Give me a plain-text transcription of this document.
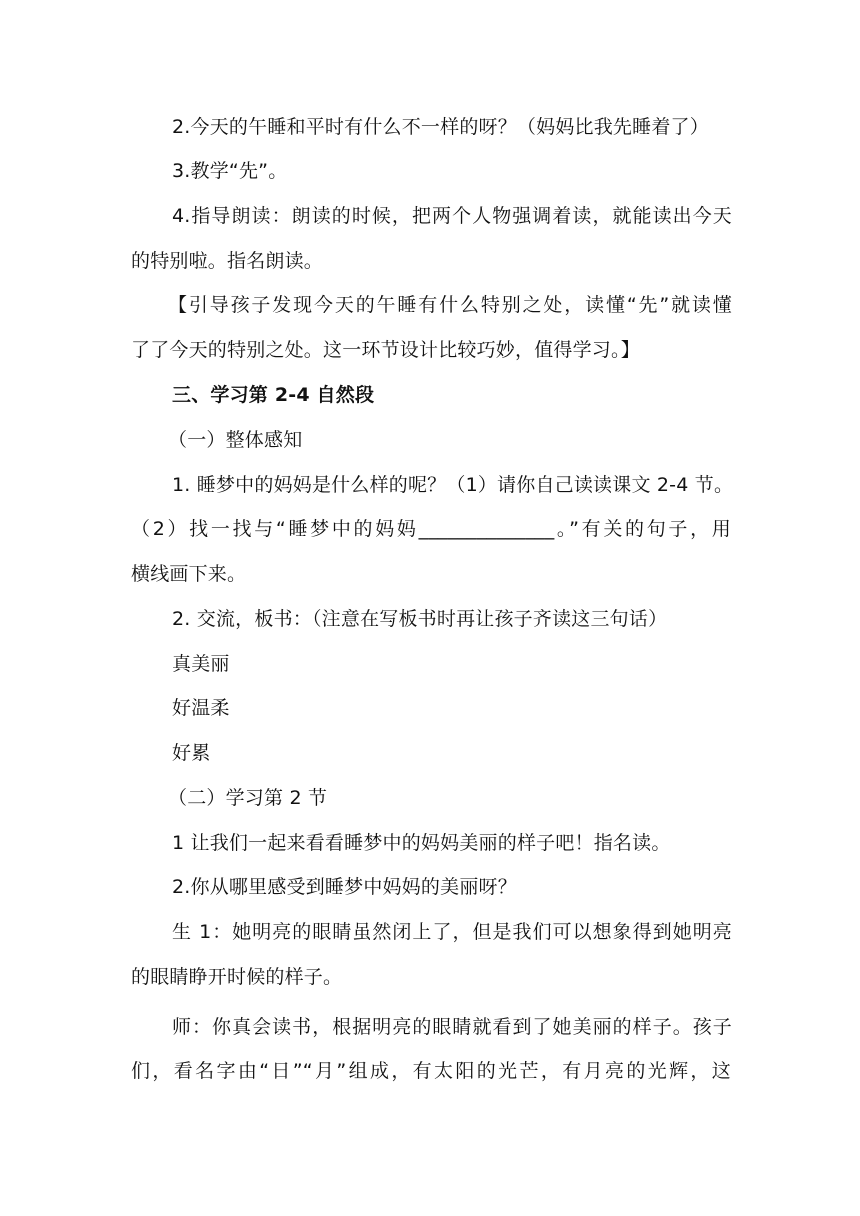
2.今天的午睡和平时有什么不一样的呀？（妈妈比我先睡着了）
3.教学“先”。
4.指导朗读：朗读的时候，把两个人物强调着读，就能读出今天
的特别啦。指名朗读。
【引导孩子发现今天的午睡有什么特别之处，读懂“先”就读懂
了了今天的特别之处。这一环节设计比较巧妙，值得学习。】
三、学习第 2-4 自然段
（一）整体感知
1. 睡梦中的妈妈是什么样的呢？（1）请你自己读读课文 2-4 节。
（2）找一找与“睡梦中的妈妈______________。”有关的句子，用
横线画下来。
2. 交流，板书：（注意在写板书时再让孩子齐读这三句话）
真美丽
好温柔
好累
（二）学习第 2 节
1 让我们一起来看看睡梦中的妈妈美丽的样子吧！指名读。
2.你从哪里感受到睡梦中妈妈的美丽呀？
生 1：她明亮的眼睛虽然闭上了，但是我们可以想象得到她明亮
的眼睛睁开时候的样子。
师：你真会读书，根据明亮的眼睛就看到了她美丽的样子。孩子
们，看名字由“日”“月”组成，有太阳的光芒，有月亮的光辉，这
